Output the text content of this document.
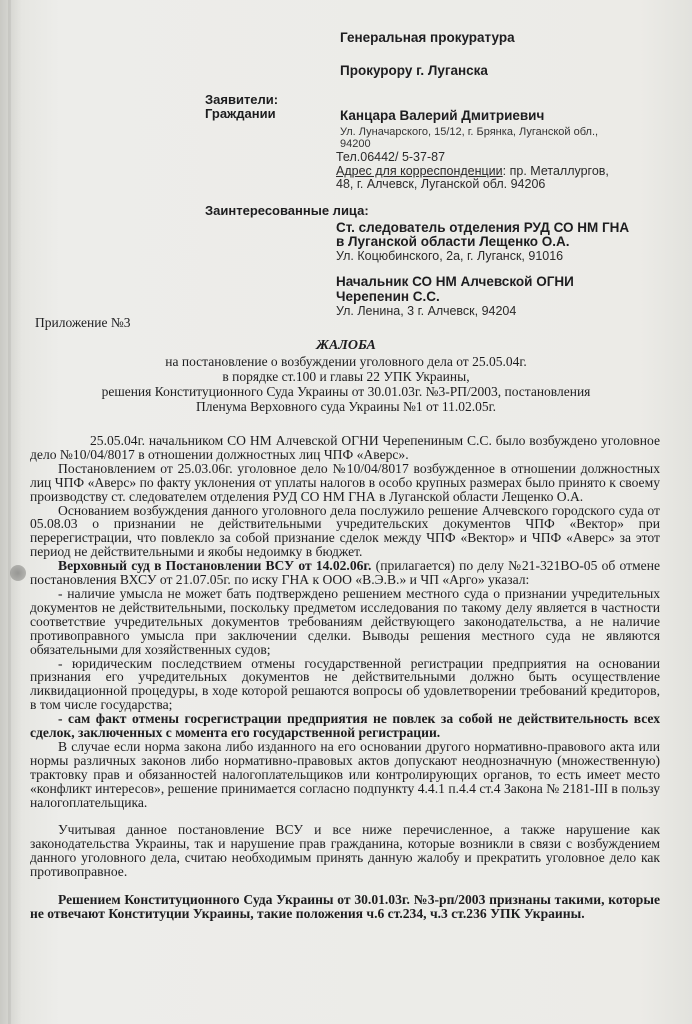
Генеральная прокуратура
Прокурору г. Луганска
Заявители:
Граждании	Канцара Валерий Дмитриевич
Ул. Луначарского, 15/12, г. Брянка, Луганской обл.,
94200
Тел.06442/ 5-37-87
Адрес для корреспонденции: пр. Металлургов,
48, г. Алчевск, Луганской обл. 94206
Заинтересованные лица:
Ст. следователь отделения РУД СО НМ ГНА
в Луганской области Лещенко О.А.
Ул. Коцюбинского, 2а, г. Луганск, 91016
Начальник СО НМ Алчевской ОГНИ
Черепенин С.С.
Ул. Ленина, 3 г. Алчевск, 94204
Приложение №3
ЖАЛОБА
на постановление о возбуждении уголовного дела от 25.05.04г.
в порядке ст.100 и главы 22 УПК Украины,
решения Конституционного Суда Украины от 30.01.03г. №3-РП/2003, постановления
Пленума Верховного суда Украины №1 от 11.02.05г.

25.05.04г. начальником СО НМ Алчевской ОГНИ Черепениным С.С. было возбуждено уголовное дело №10/04/8017 в отношении должностных лиц ЧПФ «Аверс».

Постановлением от 25.03.06г. уголовное дело №10/04/8017 возбужденное в отношении должностных лиц ЧПФ «Аверс» по факту уклонения от уплаты налогов в особо крупных размерах было принято к своему производству ст. следователем отделения РУД СО НМ ГНА в Луганской области Лещенко О.А.

Основанием возбуждения данного уголовного дела послужило решение Алчевского городского суда от 05.08.03 о признании не действительными учредительских документов ЧПФ «Вектор» при перерегистрации, что повлекло за собой признание сделок между ЧПФ «Вектор» и ЧПФ «Аверс» за этот период не действительными и якобы недоимку в бюджет.

Верховный суд в Постановлении ВСУ от 14.02.06г. (прилагается) по делу №21-321ВО-05 об отмене постановления ВХСУ от 21.07.05г. по иску ГНА к ООО «В.Э.В.» и ЧП «Арго» указал:

- наличие умысла не может бать подтверждено решением местного суда о признании учредительных документов не действительными, поскольку предметом исследования по такому делу является в частности соответствие учредительных документов требованиям действующего законодательства, а не наличие противоправного умысла при заключении сделки. Выводы решения местного суда не являются обязательными для хозяйственных судов;

- юридическим последствием отмены государственной регистрации предприятия на основании признания его учредительных документов не действительными должно быть осуществление ликвидационной процедуры, в ходе которой решаются вопросы об удовлетворении требований кредиторов, в том числе государства;

- сам факт отмены госрегистрации предприятия не повлек за собой не действительность всех сделок, заключенных с момента его государственной регистрации.

В случае если норма закона либо изданного на его основании другого нормативно-правового акта или нормы различных законов либо нормативно-правовых актов допускают неоднозначную (множественную) трактовку прав и обязанностей налогоплательщиков или контролирующих органов, то есть имеет место «конфликт интересов», решение принимается согласно подпункту 4.4.1 п.4.4 ст.4 Закона № 2181-III в пользу налогоплательщика.

Учитывая данное постановление ВСУ и все ниже перечисленное, а также нарушение как законодательства Украины, так и нарушение прав гражданина, которые возникли в связи с возбуждением данного уголовного дела, считаю необходимым принять данную жалобу и прекратить уголовное дело как противоправное.

Решением Конституционного Суда Украины от 30.01.03г. №3-рп/2003 признаны такими, которые не отвечают Конституции Украины, такие положения ч.6 ст.234, ч.3 ст.236 УПК Украины.
